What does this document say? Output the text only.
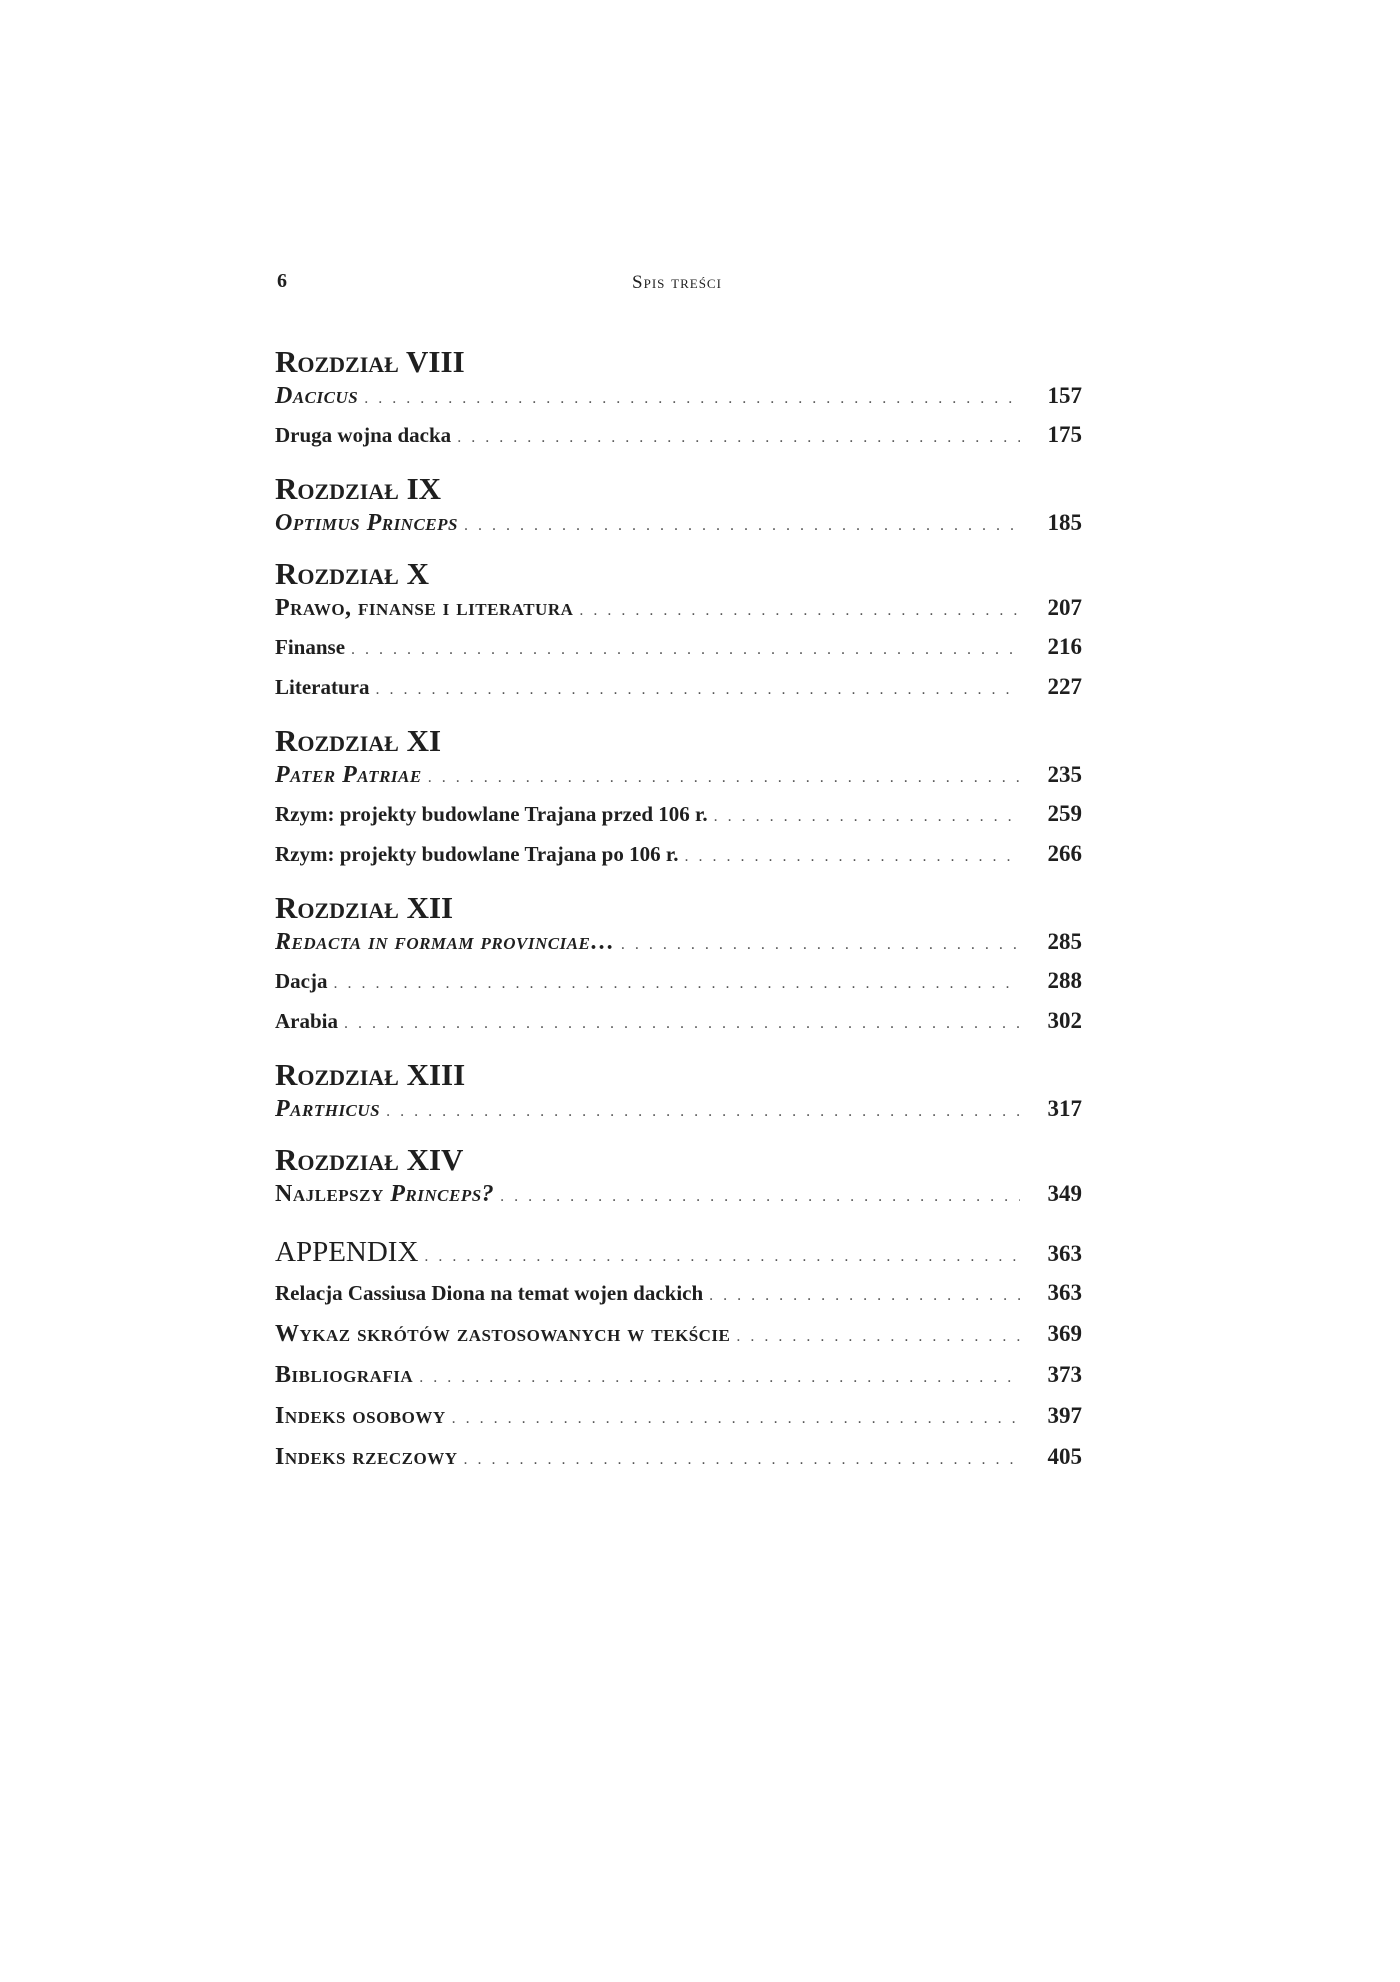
6	Spis treści
Rozdział VIII
Dacicus . . .	157
Druga wojna dacka . . .	175
Rozdział IX
Optimus Princeps . . .	185
Rozdział X
Prawo, finanse i literatura . . .	207
Finanse . . .	216
Literatura . . .	227
Rozdział XI
Pater Patriae . . .	235
Rzym: projekty budowlane Trajana przed 106 r. . . .	259
Rzym: projekty budowlane Trajana po 106 r. . . .	266
Rozdział XII
Redacta in formam provinciae… . . .	285
Dacja . . .	288
Arabia . . .	302
Rozdział XIII
Parthicus . . .	317
Rozdział XIV
Najlepszy Princeps? . . .	349
APPENDIX . . .	363
Relacja Cassiusa Diona na temat wojen dackich . . .	363
Wykaz skrótów zastosowanych w tekście . . .	369
Bibliografia . . .	373
Indeks osobowy . . .	397
Indeks rzeczowy . . .	405
